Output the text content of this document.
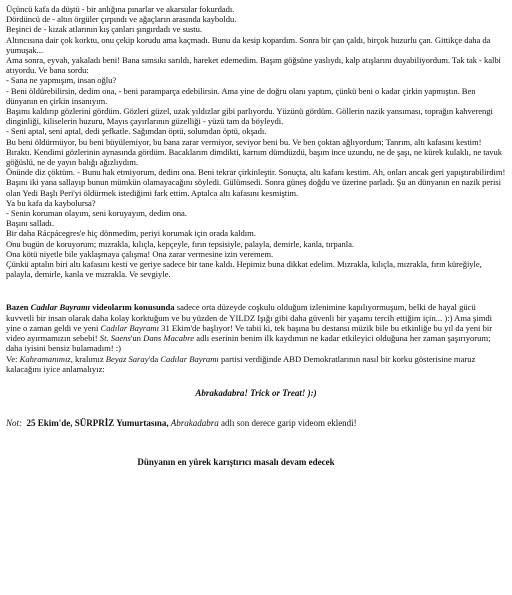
Üçüncü kafa da düştü - bir anlığına pınarlar ve akarsular fokurdadı.

Dördüncü de - altın örgüler çırpındı ve ağaçların arasında kayboldu.

Beşinci de - kızak atlarının kış çanları şıngırdadı ve sustu.

Altıncısına dair çok korktu, onu çekip korudu ama kaçmadı. Bunu da kesip kopardım. Sonra bir çan çaldı, birçok huzurlu çan. Gittikçe daha da yumuşak...

Ama sonra, eyvah, yakaladı beni! Bana sımsıkı sarıldı, hareket edemedim. Başım göğsüne yaslıydı, kalp atışlarını duyabiliyordum. Tak tak - kalbi atıyordu. Ve bana sordu:

- Sana ne yapmışım, insan oğlu?

- Beni öldürebilirsin, dedim ona, - beni paramparça edebilirsin. Ama yine de doğru olanı yaptım, çünkü beni o kadar çirkin yapmıştın. Ben dünyanın en çirkin insanıyım.

Başımı kaldırıp gözlerini gördüm. Gözleri güzel, uzak yıldızlar gibi parlıyordu. Yüzünü gördüm. Göllerin nazik yansıması, toprağın kahverengi dinginliği, kiliselerin huzuru, Mayıs çayırlarının güzelliği - yüzü tam da böyleydi.

- Seni aptal, seni aptal, dedi şefkatle. Sağımdan öptü, solumdan öptü, okşadı.

Bu beni öldürmüyor, bu beni büyülemiyor, bu bana zarar vermiyor, seviyor beni bu. Ve ben çoktan ağlıyordum; Tanrım, altı kafasını kestim!

Bıraktı. Kendimi gözlerinin aynasında gördüm. Bacaklarım dimdikti, karnım dümdüzdü, başım ince uzundu, ne de şaşı, ne kürek kulaklı, ne tavuk göğüslü, ne de yayın balığı ağızlıydım.

Önünde diz çöktüm. - Bunu hak etmiyorum, dedim ona. Beni tekrar çirkinleştir. Sonuçta, altı kafanı kestim. Ah, onları ancak geri yapıştırabilirdim!

Başını iki yana sallayıp bunun mümkün olamayacağını söyledi. Gülümsedi. Sonra güneş doğdu ve üzerine parladı. Şu an dünyanın en nazik perisi olan Yedi Başlı Peri'yi öldürmek istediğimi fark ettim. Aptalca altı kafasını kesmiştim.

Ya bu kafa da kaybolursa?

- Senin koruman olayım, seni koruyayım, dedim ona.

Başını salladı.

Bir daha Rácpácegres'e hiç dönmedim, periyi korumak için orada kaldım.

Onu bugün de koruyorum; mızrakla, kılıçla, kepçeyle, fırın tepsisiyle, palayla, demirle, kanla, tırpanla.

Ona kötü niyetle bile yaklaşmaya çalışma! Ona zarar vermesine izin veremem.

Çünkü aptalın biri altı kafasını kesti ve geriye sadece bir tane kaldı. Hepimiz buna dikkat edelim. Mızrakla, kılıçla, mızrakla, fırın küreğiyle, palayla, demirle, kanla ve mızrakla. Ve sevgiyle.

Bazen Cadılar Bayramı videolarım konusunda sadece orta düzeyde coşkulu olduğum izlenimine kapılıyormuşum, belki de hayal gücü kuvvetli bir insan olarak daha kolay korktuğum ve bu yüzden de YILDZ Işığı gibi daha güvenli bir yaşamı tercih ettiğim için... ):) Ama şimdi yine o zaman geldi ve yeni Cadılar Bayramı 31 Ekim'de başlıyor! Ve tabii ki, tek başına bu destansı müzik bile bu etkinliğe bu yıl da yeni bir video ayırmamızın sebebi! St. Saens'un Dans Macabre adlı eserinin benim ilk kaydımın ne kadar etkileyici olduğuna her zaman şaşırıyorum; daha iyisini bensiz bulamadım! :)
Ve: Kahramanımız, kralımız Beyaz Saray'da Cadılar Bayramı partisi verdiğinde ABD Demokratlarının nasıl bir korku gösterisine maruz kalacağını iyice anlamalıyız:
Abrakadabra! Trick or Treat! ):)
Not: 25 Ekim'de, SÜRPRİZ Yumurtasına, Abrakadabra adlı son derece garip videom eklendi!
Dünyanın en yürek karıştırıcı masalı devam edecek
